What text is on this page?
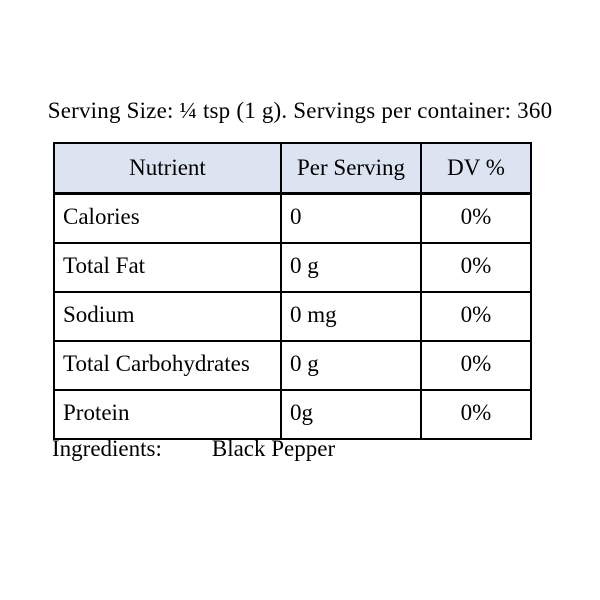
Serving Size: ¼ tsp (1 g). Servings per container: 360
Nutrient	Per Serving	DV %
Calories	0	0%
Total Fat	0 g	0%
Sodium	0 mg	0%
Total Carbohydrates	0 g	0%
Protein	0g	0%
Ingredients: Black Pepper
